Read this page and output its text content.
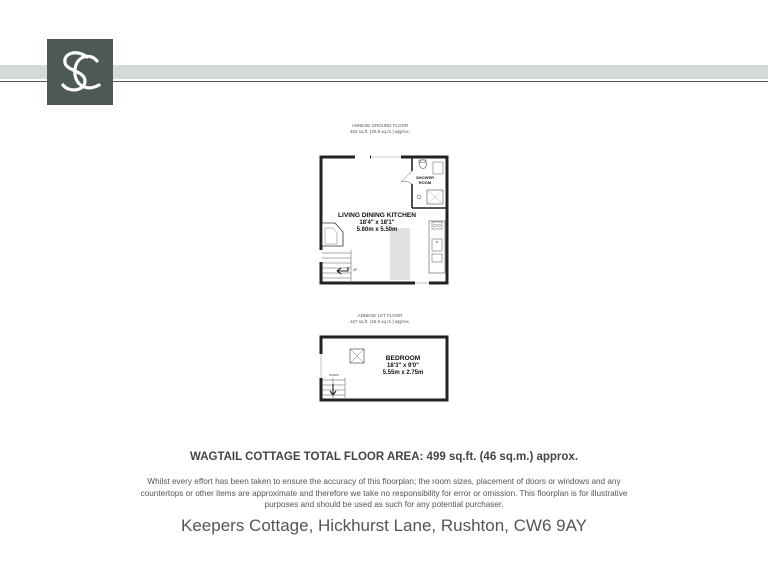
ANNEXE GROUND FLOOR
332 sq.ft. (30.8 sq.m.) approx.
SHOWER
ROOM
LIVING DINING KITCHEN
18'4" x 18'1"
5.60m x 5.50m
UP
ANNEXE 1ST FLOOR
167 sq.ft. (15.5 sq.m.) approx.
DOWN
BEDROOM
18'3" x 9'0"
5.55m x 2.75m
WAGTAIL COTTAGE TOTAL FLOOR AREA: 499 sq.ft. (46 sq.m.) approx.
Whilst every effort has been taken to ensure the accuracy of this floorplan; the room sizes, placement of doors or windows and any countertops or other items are approximate and therefore we take no responsibility for error or omission. This floorplan is for illustrative purposes and should be used as such for any potential purchaser.
Keepers Cottage, Hickhurst Lane, Rushton, CW6 9AY
